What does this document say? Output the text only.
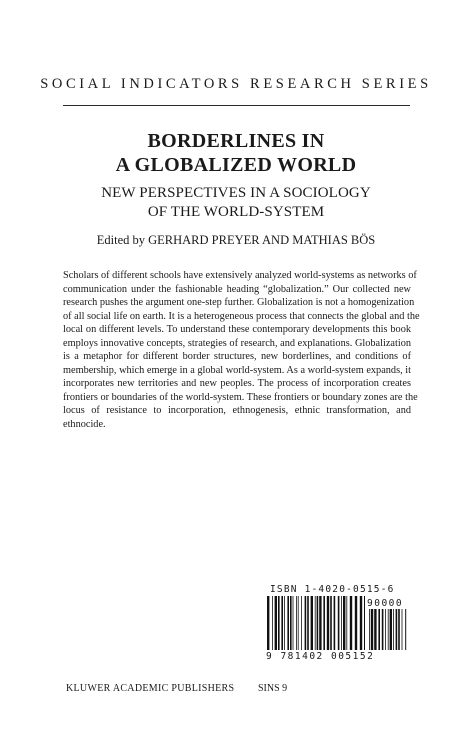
SOCIAL INDICATORS RESEARCH SERIES
BORDERLINES IN
A GLOBALIZED WORLD
NEW PERSPECTIVES IN A SOCIOLOGY
OF THE WORLD-SYSTEM
Edited by GERHARD PREYER AND MATHIAS BÖS
Scholars of different schools have extensively analyzed world-systems as networks of
communication under the fashionable heading “globalization.” Our collected new
research pushes the argument one-step further. Globalization is not a homogenization
of all social life on earth. It is a heterogeneous process that connects the global and the
local on different levels. To understand these contemporary developments this book
employs innovative concepts, strategies of research, and explanations. Globalization
is a metaphor for different border structures, new borderlines, and conditions of
membership, which emerge in a global world-system. As a world-system expands, it
incorporates new territories and new peoples. The process of incorporation creates
frontiers or boundaries of the world-system. These frontiers or boundary zones are the
locus of resistance to incorporation, ethnogenesis, ethnic transformation, and
ethnocide.
ISBN 1-4020-0515-6
90000
9 781402 005152
KLUWER ACADEMIC PUBLISHERS SINS 9
